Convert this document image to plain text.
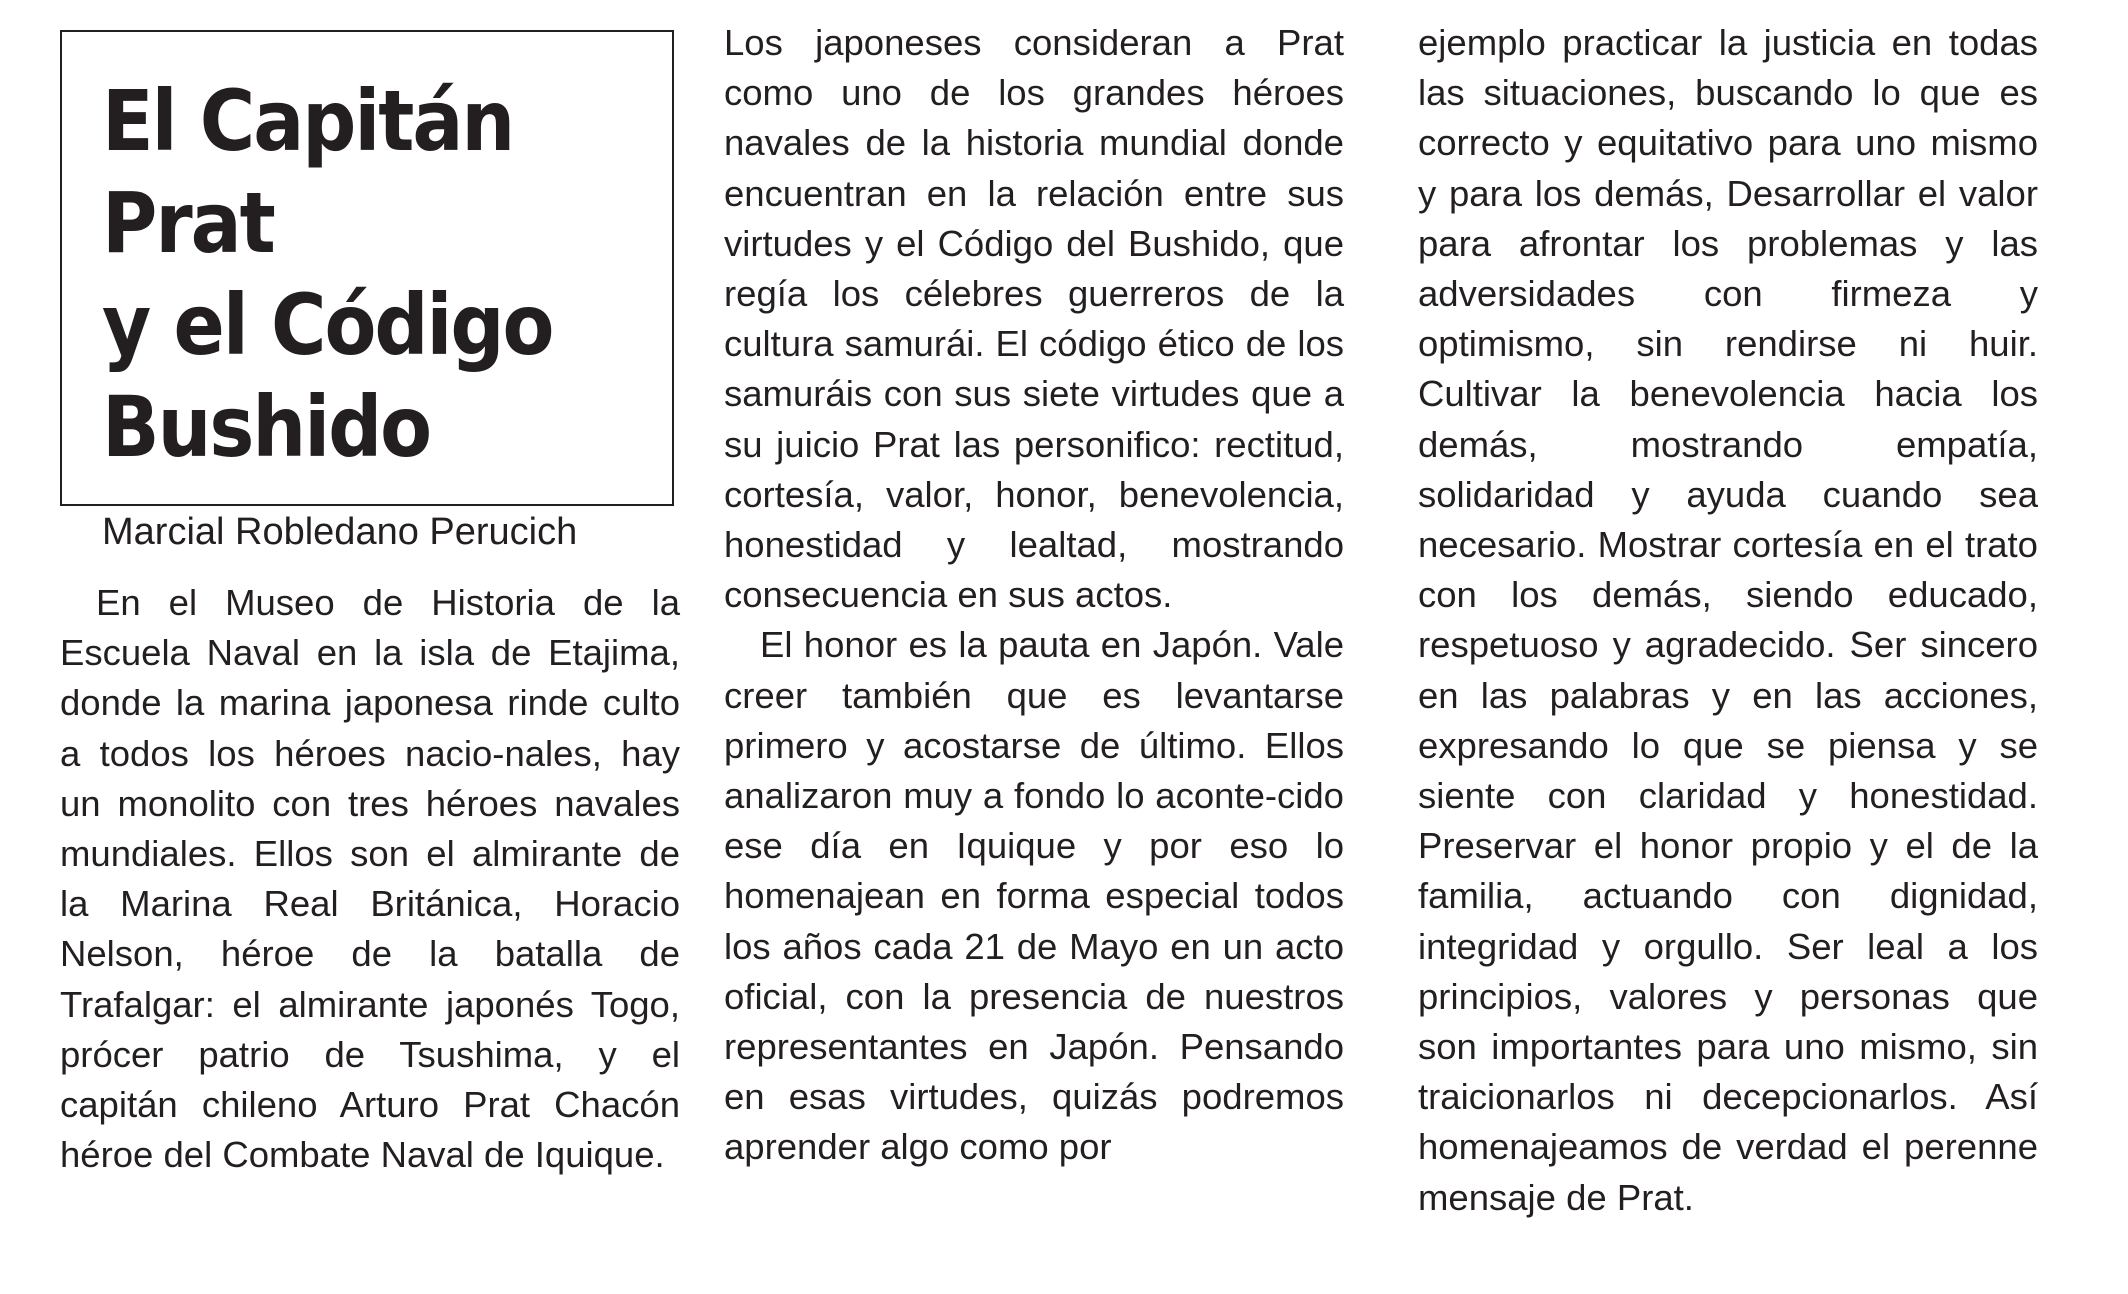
El Capitán Prat
y el Código
Bushido
Marcial Robledano Perucich

En el Museo de Historia de la Escuela Naval en la isla de Etajima, donde la marina japonesa rinde culto a todos los héroes nacio-nales, hay un monolito con tres héroes navales mundiales. Ellos son el almirante de la Marina Real Británica, Horacio Nelson, héroe de la batalla de Trafalgar: el almirante japonés Togo, prócer patrio de Tsushima, y el capitán chileno Arturo Prat Chacón héroe del Combate Naval de Iquique.

Los japoneses consideran a Prat como uno de los grandes héroes navales de la historia mundial donde encuentran en la relación entre sus virtudes y el Código del Bushido, que regía los célebres guerreros de la cultura samurái. El código ético de los samuráis con sus siete virtudes que a su juicio Prat las personifico: rectitud, cortesía, valor, honor, benevolencia, honestidad y lealtad, mostrando consecuencia en sus actos.

El honor es la pauta en Japón. Vale creer también que es levantarse primero y acostarse de último. Ellos analizaron muy a fondo lo aconte-cido ese día en Iquique y por eso lo homenajean en forma especial todos los años cada 21 de Mayo en un acto oficial, con la presencia de nuestros representantes en Japón. Pensando en esas virtudes, quizás podremos aprender algo como por

ejemplo practicar la justicia en todas las situaciones, buscando lo que es correcto y equitativo para uno mismo y para los demás, Desarrollar el valor para afrontar los problemas y las adversidades con firmeza y optimismo, sin rendirse ni huir. Cultivar la benevolencia hacia los demás, mostrando empatía, solidaridad y ayuda cuando sea necesario. Mostrar cortesía en el trato con los demás, siendo educado, respetuoso y agradecido. Ser sincero en las palabras y en las acciones, expresando lo que se piensa y se siente con claridad y honestidad. Preservar el honor propio y el de la familia, actuando con dignidad, integridad y orgullo. Ser leal a los principios, valores y personas que son importantes para uno mismo, sin traicionarlos ni decepcionarlos. Así homenajeamos de verdad el perenne mensaje de Prat.
